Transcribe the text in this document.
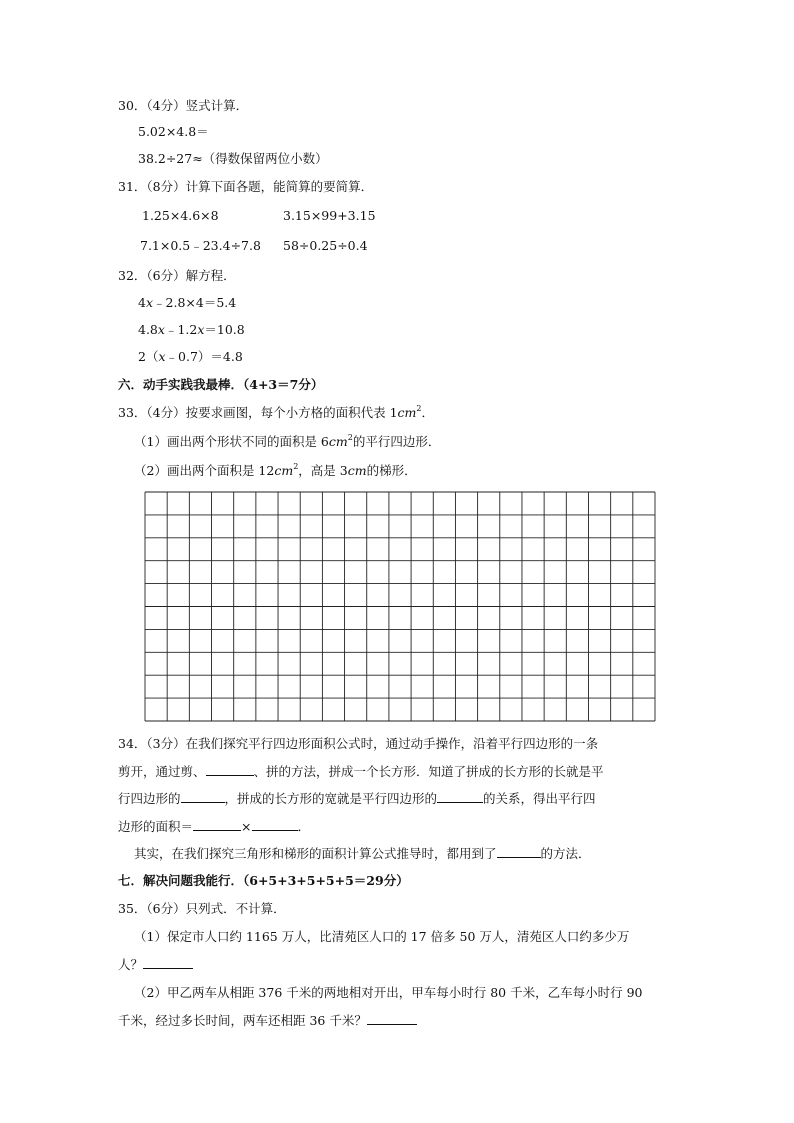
30．（4分）竖式计算．
5.02×4.8＝
38.2÷27≈（得数保留两位小数）
31．（8分）计算下面各题，能简算的要简算．
1.25×4.6×8	3.15×99+3.15
7.1×0.5﹣23.4÷7.8 58÷0.25÷0.4
32．（6分）解方程．
4x﹣2.8×4＝5.4
4.8x﹣1.2x＝10.8
2（x﹣0.7）＝4.8
六．动手实践我最棒．（4+3＝7分）
33．（4分）按要求画图，每个小方格的面积代表 $1cm^2$．
（1）画出两个形状不同的面积是 $6cm^2$的平行四边形．
（2）画出两个面积是 $12cm^2$，高是 3cm的梯形．
34．（3分）在我们探究平行四边形面积公式时，通过动手操作，沿着平行四边形的一条
剪开，通过剪、	、拼的方法，拼成一个长方形．知道了拼成的长方形的长就是平
行四边形的	，拼成的长方形的宽就是平行四边形的	的关系，得出平行四
边形的面积＝	×	．
其实，在我们探究三角形和梯形的面积计算公式推导时，都用到了	的方法．
七．解决问题我能行．（6+5+3+5+5+5＝29分）
35．（6分）只列式．不计算．
（1）保定市人口约 1165 万人，比清苑区人口的 17 倍多 50 万人，清苑区人口约多少万
人？
（2）甲乙两车从相距 376 千米的两地相对开出，甲车每小时行 80 千米，乙车每小时行 90
千米，经过多长时间，两车还相距 36 千米？
